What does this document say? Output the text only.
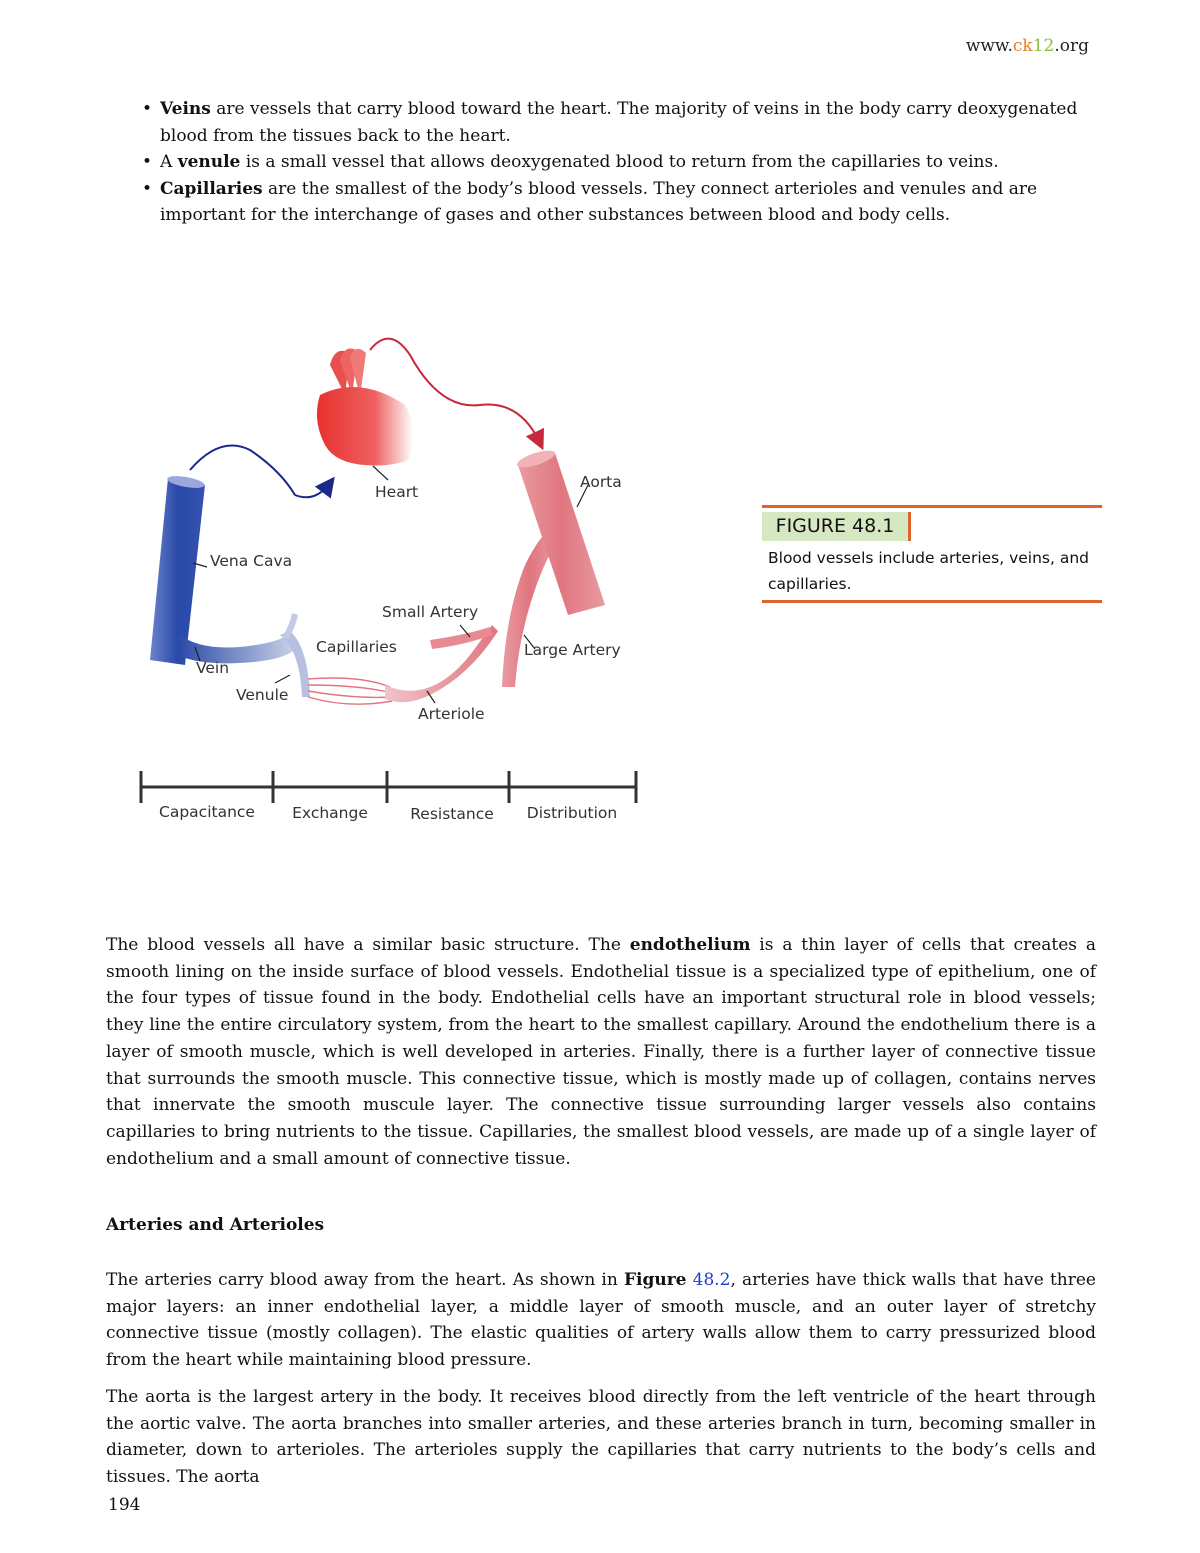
www.ck12.org
• Veins are vessels that carry blood toward the heart. The majority of veins in the body carry deoxygenated blood from the tissues back to the heart.
• A venule is a small vessel that allows deoxygenated blood to return from the capillaries to veins.
• Capillaries are the smallest of the body’s blood vessels. They connect arterioles and venules and are important for the interchange of gases and other substances between blood and body cells.
Heart
Aorta
Vena Cava
Small Artery
Capillaries	Large Artery
Vein
Venule
Arteriole
Capacitance Exchange	Resistance Distribution
FIGURE 48.1
Blood vessels include arteries, veins, and capillaries.

The blood vessels all have a similar basic structure. The endothelium is a thin layer of cells that creates a smooth lining on the inside surface of blood vessels. Endothelial tissue is a specialized type of epithelium, one of the four types of tissue found in the body. Endothelial cells have an important structural role in blood vessels; they line the entire circulatory system, from the heart to the smallest capillary. Around the endothelium there is a layer of smooth muscle, which is well developed in arteries. Finally, there is a further layer of connective tissue that surrounds the smooth muscle. This connective tissue, which is mostly made up of collagen, contains nerves that innervate the smooth muscule layer. The connective tissue surrounding larger vessels also contains capillaries to bring nutrients to the tissue. Capillaries, the smallest blood vessels, are made up of a single layer of endothelium and a small amount of connective tissue.

Arteries and Arterioles

The arteries carry blood away from the heart. As shown in Figure 48.2, arteries have thick walls that have three major layers: an inner endothelial layer, a middle layer of smooth muscle, and an outer layer of stretchy connective tissue (mostly collagen). The elastic qualities of artery walls allow them to carry pressurized blood from the heart while maintaining blood pressure.

The aorta is the largest artery in the body. It receives blood directly from the left ventricle of the heart through the aortic valve. The aorta branches into smaller arteries, and these arteries branch in turn, becoming smaller in diameter, down to arterioles. The arterioles supply the capillaries that carry nutrients to the body’s cells and tissues. The aorta

194
